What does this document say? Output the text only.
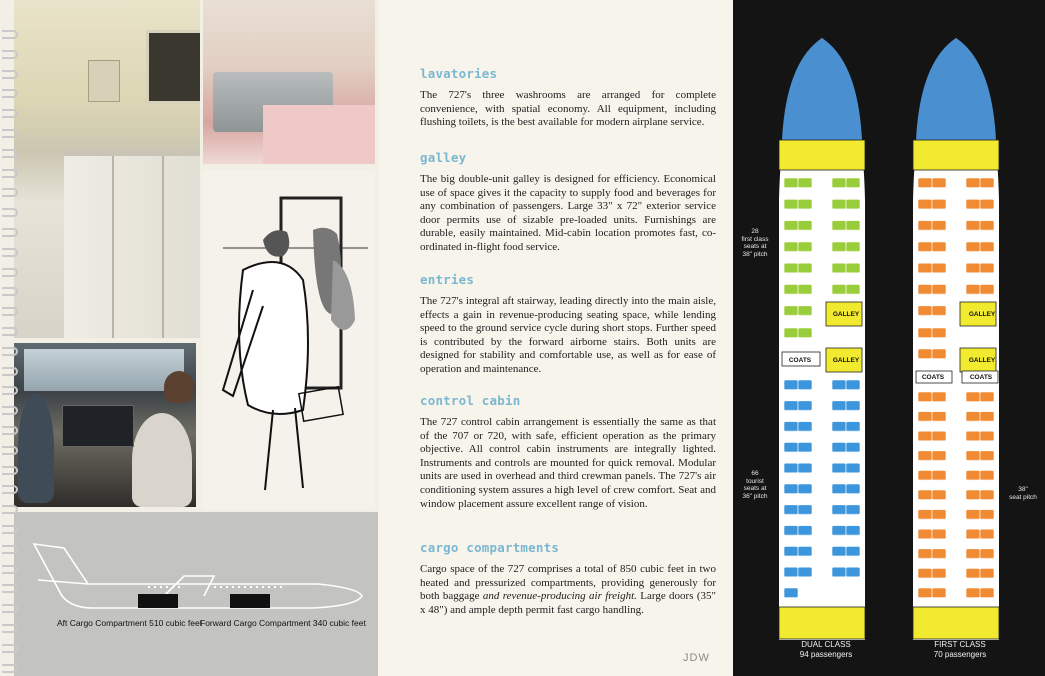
Aft Cargo Compartment 510 cubic feet
Forward Cargo Compartment 340 cubic feet
lavatories

The 727's three washrooms are arranged for complete convenience, with spatial economy. All equipment, including flushing toilets, is the best available for modern airplane service.

galley

The big double-unit galley is designed for efficiency. Economical use of space gives it the capacity to supply food and beverages for any combination of passengers. Large 33" x 72" exterior service door permits use of sizable pre-loaded units. Furnishings are durable, easily maintained. Mid-cabin location promotes fast, co-ordinated in-flight food service.

entries

The 727's integral aft stairway, leading directly into the main aisle, effects a gain in revenue-producing seating space, while lending speed to the ground service cycle during short stops. Further speed is contributed by the forward airborne stairs. Both units are designed for stability and comfortable use, as well as for ease of operation and maintenance.

control cabin

The 727 control cabin arrangement is essentially the same as that of the 707 or 720, with safe, efficient operation as the primary objective. All control cabin instruments are integrally lighted. Instruments and controls are mounted for quick removal. Modular units are used in overhead and third crewman panels. The 727's air conditioning system assures a high level of crew comfort. Seat and window placement assure excellent range of vision.

cargo compartments

Cargo space of the 727 comprises a total of 850 cubic feet in two heated and pressurized compartments, providing generously for both baggage and revenue-producing air freight. Large doors (35" x 48") and ample depth permit fast cargo handling.

JDW
28
first class
seats at
38" pitch
66
tourist
seats at
36" pitch
38"
seat pitch
DUAL CLASS
94 passengers
FIRST CLASS
70 passengers
GALLEY
GALLEY
COATS
GALLEY
GALLEY
COATS	COATS
